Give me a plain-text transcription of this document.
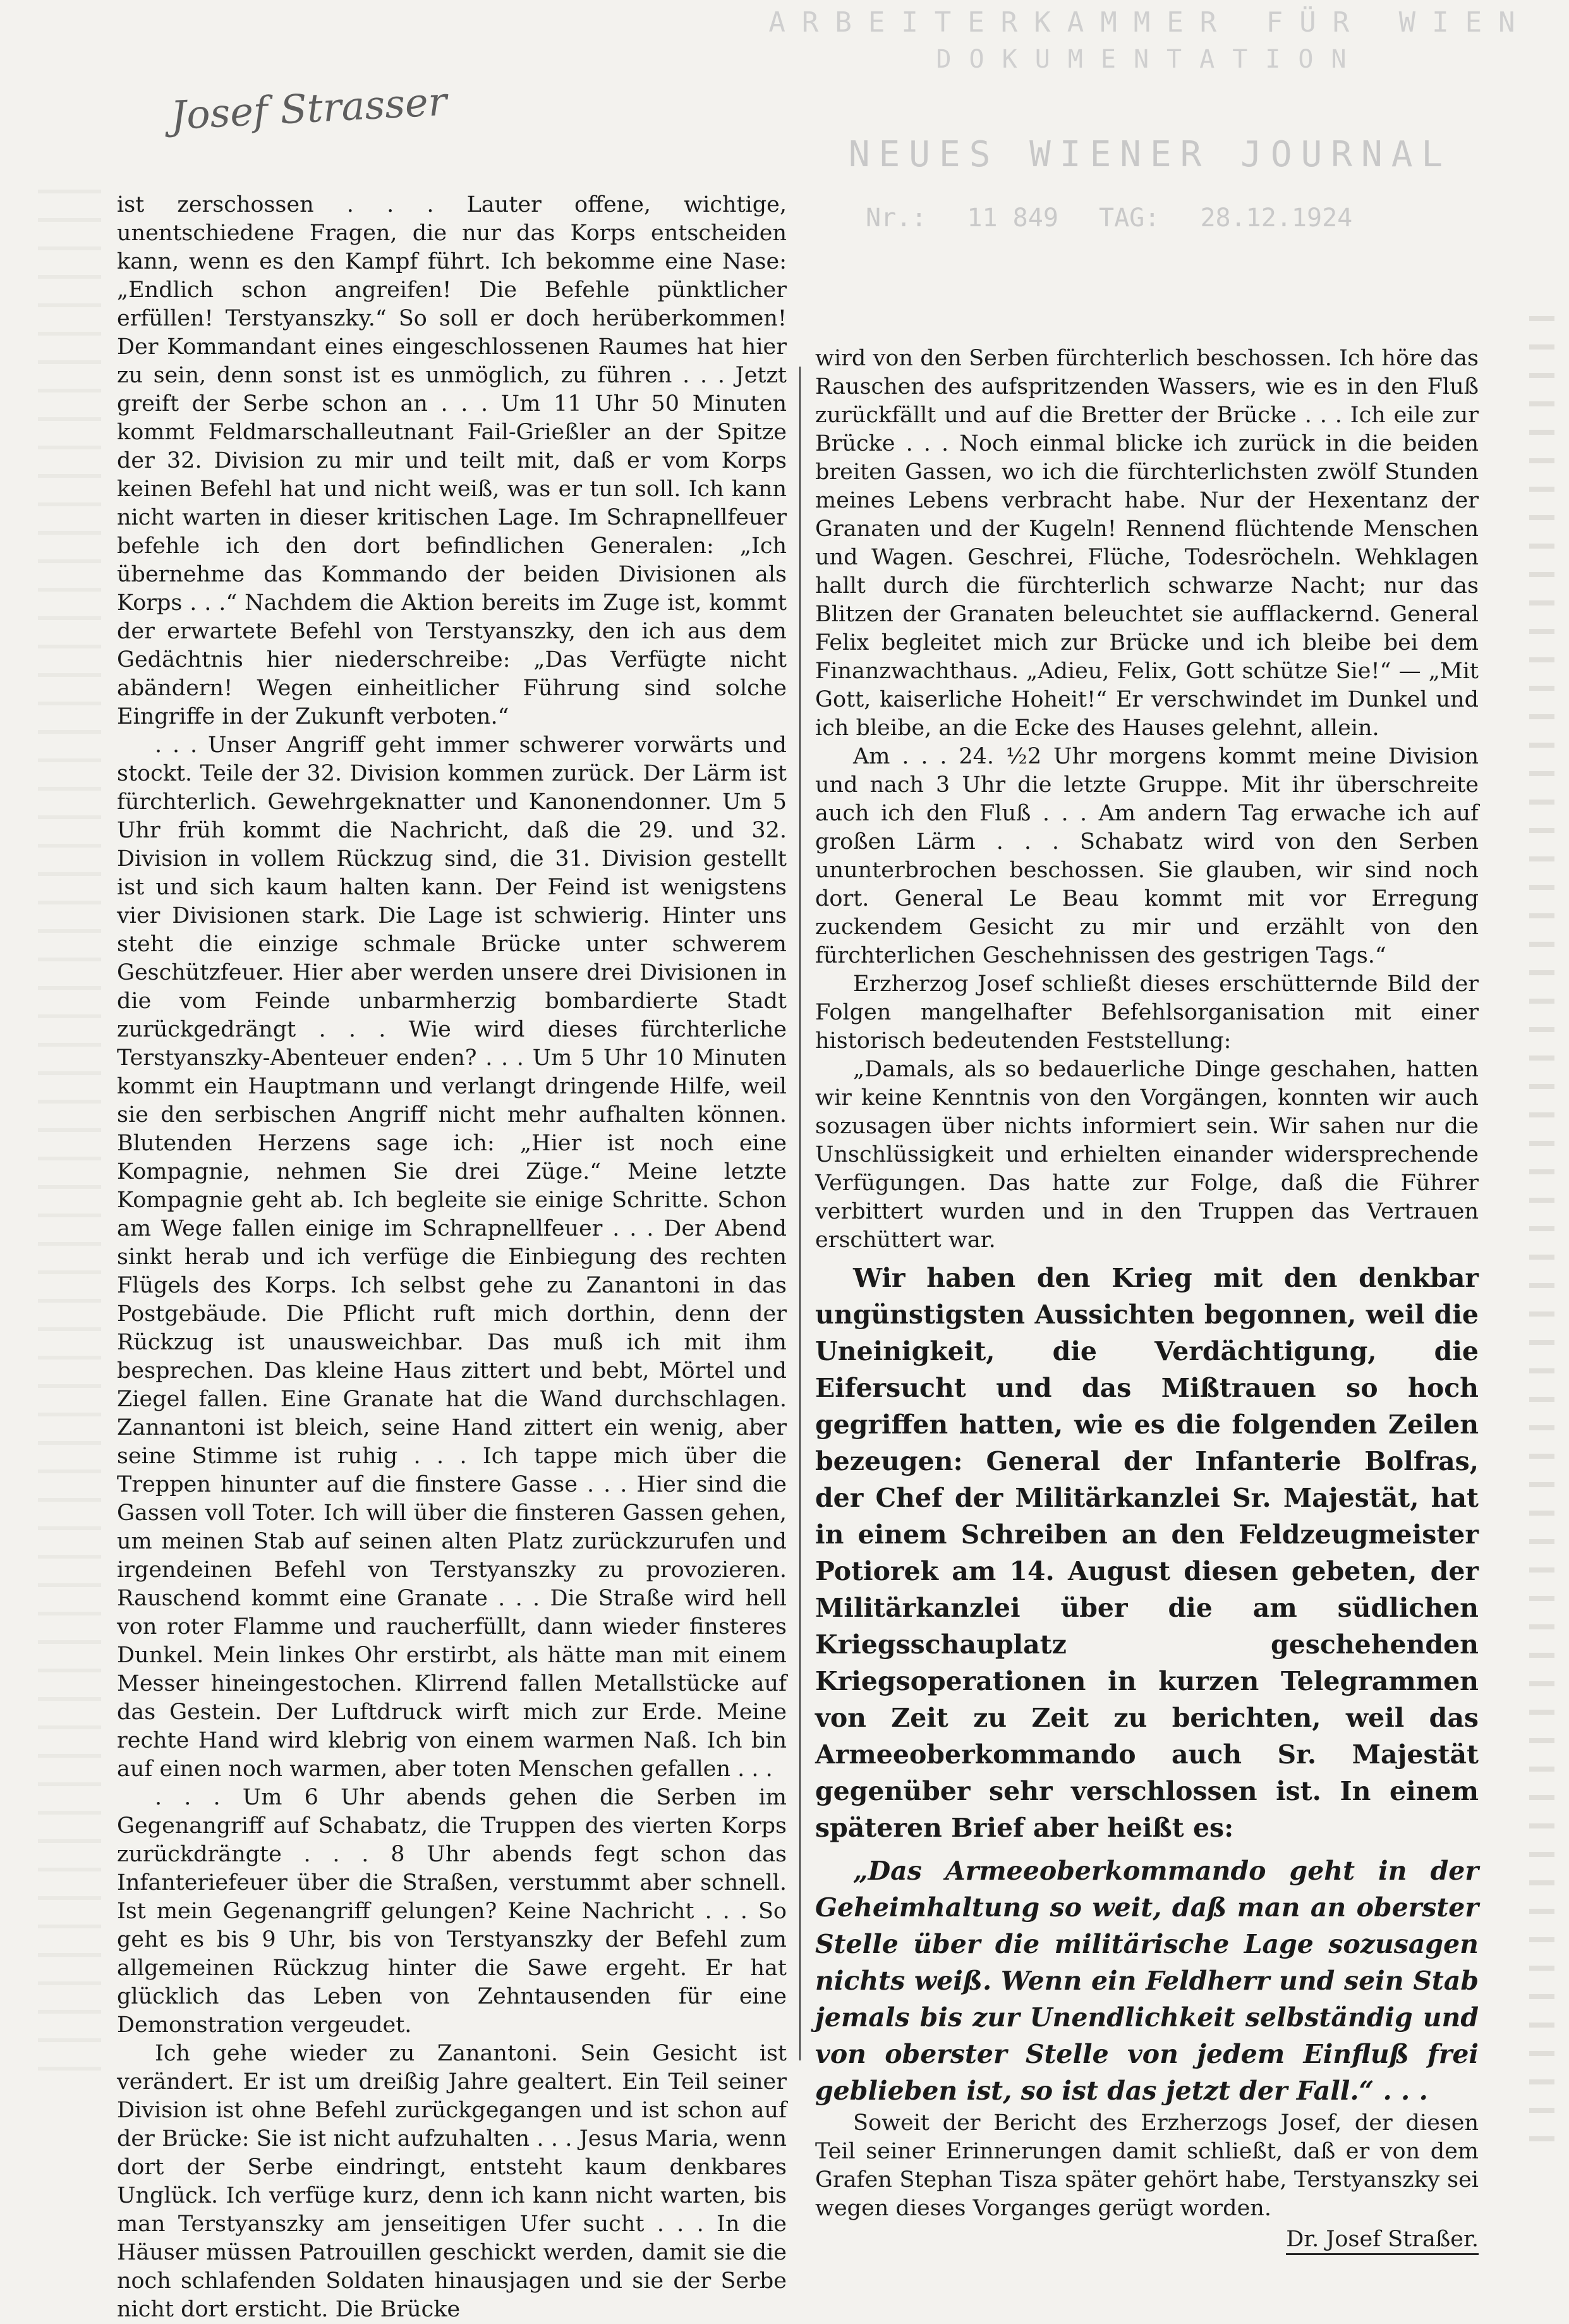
ARBEITERKAMMER FÜR WIEN
DOKUMENTATION
NEUES WIENER JOURNAL
Nr.: 11 849 TAG: 28.12.1924
Josef Strasser

ist zerschossen . . . Lauter offene, wichtige, unentschiedene Fragen, die nur das Korps entscheiden kann, wenn es den Kampf führt. Ich bekomme eine Nase: „Endlich schon angreifen! Die Befehle pünktlicher erfüllen! Terstyanszky.“ So soll er doch herüberkommen! Der Kommandant eines eingeschlossenen Raumes hat hier zu sein, denn sonst ist es unmöglich, zu führen . . . Jetzt greift der Serbe schon an . . . Um 11 Uhr 50 Minuten kommt Feldmarschalleutnant Fail-Grießler an der Spitze der 32. Division zu mir und teilt mit, daß er vom Korps keinen Befehl hat und nicht weiß, was er tun soll. Ich kann nicht warten in dieser kritischen Lage. Im Schrapnellfeuer befehle ich den dort befindlichen Generalen: „Ich übernehme das Kommando der beiden Divisionen als Korps . . .“ Nachdem die Aktion bereits im Zuge ist, kommt der erwartete Befehl von Terstyanszky, den ich aus dem Gedächtnis hier niederschreibe: „Das Verfügte nicht abändern! Wegen einheitlicher Führung sind solche Eingriffe in der Zukunft verboten.“

. . . Unser Angriff geht immer schwerer vorwärts und stockt. Teile der 32. Division kommen zurück. Der Lärm ist fürchterlich. Gewehrgeknatter und Kanonendonner. Um 5 Uhr früh kommt die Nachricht, daß die 29. und 32. Division in vollem Rückzug sind, die 31. Division gestellt ist und sich kaum halten kann. Der Feind ist wenigstens vier Divisionen stark. Die Lage ist schwierig. Hinter uns steht die einzige schmale Brücke unter schwerem Geschützfeuer. Hier aber werden unsere drei Divisionen in die vom Feinde unbarmherzig bombardierte Stadt zurückgedrängt . . . Wie wird dieses fürchterliche Terstyanszky-Abenteuer enden? . . . Um 5 Uhr 10 Minuten kommt ein Hauptmann und verlangt dringende Hilfe, weil sie den serbischen Angriff nicht mehr aufhalten können. Blutenden Herzens sage ich: „Hier ist noch eine Kompagnie, nehmen Sie drei Züge.“ Meine letzte Kompagnie geht ab. Ich begleite sie einige Schritte. Schon am Wege fallen einige im Schrapnellfeuer . . . Der Abend sinkt herab und ich verfüge die Einbiegung des rechten Flügels des Korps. Ich selbst gehe zu Zanantoni in das Postgebäude. Die Pflicht ruft mich dorthin, denn der Rückzug ist unausweichbar. Das muß ich mit ihm besprechen. Das kleine Haus zittert und bebt, Mörtel und Ziegel fallen. Eine Granate hat die Wand durchschlagen. Zannantoni ist bleich, seine Hand zittert ein wenig, aber seine Stimme ist ruhig . . . Ich tappe mich über die Treppen hinunter auf die finstere Gasse . . . Hier sind die Gassen voll Toter. Ich will über die finsteren Gassen gehen, um meinen Stab auf seinen alten Platz zurückzurufen und irgendeinen Befehl von Terstyanszky zu provozieren. Rauschend kommt eine Granate . . . Die Straße wird hell von roter Flamme und raucherfüllt, dann wieder finsteres Dunkel. Mein linkes Ohr erstirbt, als hätte man mit einem Messer hineingestochen. Klirrend fallen Metallstücke auf das Gestein. Der Luftdruck wirft mich zur Erde. Meine rechte Hand wird klebrig von einem warmen Naß. Ich bin auf einen noch warmen, aber toten Menschen gefallen . . .

. . . Um 6 Uhr abends gehen die Serben im Gegenangriff auf Schabatz, die Truppen des vierten Korps zurückdrängte . . . 8 Uhr abends fegt schon das Infanteriefeuer über die Straßen, verstummt aber schnell. Ist mein Gegenangriff gelungen? Keine Nachricht . . . So geht es bis 9 Uhr, bis von Terstyanszky der Befehl zum allgemeinen Rückzug hinter die Sawe ergeht. Er hat glücklich das Leben von Zehntausenden für eine Demonstration vergeudet.

Ich gehe wieder zu Zanantoni. Sein Gesicht ist verändert. Er ist um dreißig Jahre gealtert. Ein Teil seiner Division ist ohne Befehl zurückgegangen und ist schon auf der Brücke: Sie ist nicht aufzuhalten . . . Jesus Maria, wenn dort der Serbe eindringt, entsteht kaum denkbares Unglück. Ich verfüge kurz, denn ich kann nicht warten, bis man Terstyanszky am jenseitigen Ufer sucht . . . In die Häuser müssen Patrouillen geschickt werden, damit sie die noch schlafenden Soldaten hinausjagen und sie der Serbe nicht dort ersticht. Die Brücke

wird von den Serben fürchterlich beschossen. Ich höre das Rauschen des aufspritzenden Wassers, wie es in den Fluß zurückfällt und auf die Bretter der Brücke . . . Ich eile zur Brücke . . . Noch einmal blicke ich zurück in die beiden breiten Gassen, wo ich die fürchterlichsten zwölf Stunden meines Lebens verbracht habe. Nur der Hexentanz der Granaten und der Kugeln! Rennend flüchtende Menschen und Wagen. Geschrei, Flüche, Todesröcheln. Wehklagen hallt durch die fürchterlich schwarze Nacht; nur das Blitzen der Granaten beleuchtet sie aufflackernd. General Felix begleitet mich zur Brücke und ich bleibe bei dem Finanzwachthaus. „Adieu, Felix, Gott schütze Sie!“ — „Mit Gott, kaiserliche Hoheit!“ Er verschwindet im Dunkel und ich bleibe, an die Ecke des Hauses gelehnt, allein.

Am . . . 24. ½2 Uhr morgens kommt meine Division und nach 3 Uhr die letzte Gruppe. Mit ihr überschreite auch ich den Fluß . . . Am andern Tag erwache ich auf großen Lärm . . . Schabatz wird von den Serben ununterbrochen beschossen. Sie glauben, wir sind noch dort. General Le Beau kommt mit vor Erregung zuckendem Gesicht zu mir und erzählt von den fürchterlichen Geschehnissen des gestrigen Tags.“

Erzherzog Josef schließt dieses erschütternde Bild der Folgen mangelhafter Befehlsorganisation mit einer historisch bedeutenden Feststellung:

„Damals, als so bedauerliche Dinge geschahen, hatten wir keine Kenntnis von den Vorgängen, konnten wir auch sozusagen über nichts informiert sein. Wir sahen nur die Unschlüssigkeit und erhielten einander widersprechende Verfügungen. Das hatte zur Folge, daß die Führer verbittert wurden und in den Truppen das Vertrauen erschüttert war.

Wir haben den Krieg mit den denkbar ungünstigsten Aussichten begonnen, weil die Uneinigkeit, die Verdächtigung, die Eifersucht und das Mißtrauen so hoch gegriffen hatten, wie es die folgenden Zeilen bezeugen: General der Infanterie Bolfras, der Chef der Militärkanzlei Sr. Majestät, hat in einem Schreiben an den Feldzeugmeister Potiorek am 14. August diesen gebeten, der Militärkanzlei über die am südlichen Kriegsschauplatz geschehenden Kriegsoperationen in kurzen Telegrammen von Zeit zu Zeit zu berichten, weil das Armeeoberkommando auch Sr. Majestät gegenüber sehr verschlossen ist. In einem späteren Brief aber heißt es:

„Das Armeeoberkommando geht in der Geheimhaltung so weit, daß man an oberster Stelle über die militärische Lage sozusagen nichts weiß. Wenn ein Feldherr und sein Stab jemals bis zur Unendlichkeit selbständig und von oberster Stelle von jedem Einfluß frei geblieben ist, so ist das jetzt der Fall.“ . . .

Soweit der Bericht des Erzherzogs Josef, der diesen Teil seiner Erinnerungen damit schließt, daß er von dem Grafen Stephan Tisza später gehört habe, Terstyanszky sei wegen dieses Vorganges gerügt worden.

Dr. Josef Straßer.
